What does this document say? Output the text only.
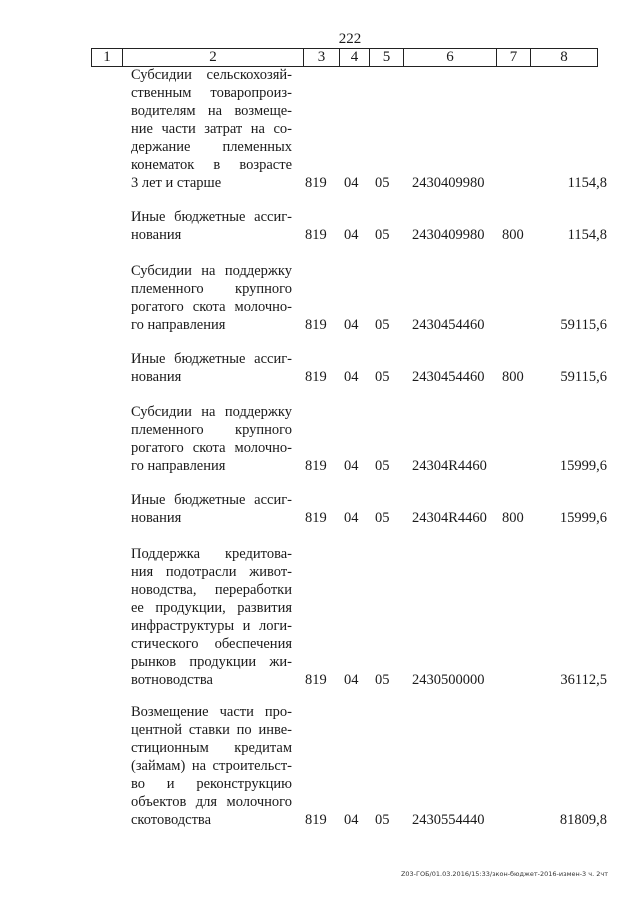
222
1	2	3	4	5	6	7	8
Субсидии сельскохозяй-
ственным товаропроиз-
водителям на возмеще-
ние части затрат на со-
держание племенных
конематок в возрасте
3 лет и старше	819 04 05 2430409980	1154,8
Иные бюджетные ассиг-
нования	819 04 05 2430409980 800	1154,8
Субсидии на поддержку
племенного крупного
рогатого скота молочно-
го направления	819 04 05 2430454460	59115,6
Иные бюджетные ассиг-
нования	819 04 05 2430454460 800	59115,6
Субсидии на поддержку
племенного крупного
рогатого скота молочно-
го направления	819 04 05 24304R4460	15999,6
Иные бюджетные ассиг-
нования	819 04 05 24304R4460 800 15999,6
Поддержка кредитова-
ния подотрасли живот-
новодства, переработки
ее продукции, развития
инфраструктуры и логи-
стического обеспечения
рынков продукции жи-
вотноводства	819 04 05 2430500000	36112,5
Возмещение части про-
центной ставки по инве-
стиционным кредитам
(займам) на строительст-
во и реконструкцию
объектов для молочного
скотоводства	819 04 05 2430554440	81809,8
Z03-ГОБ/01.03.2016/15:33/зкон-бюджет-2016-измен-3 ч. 2чт
